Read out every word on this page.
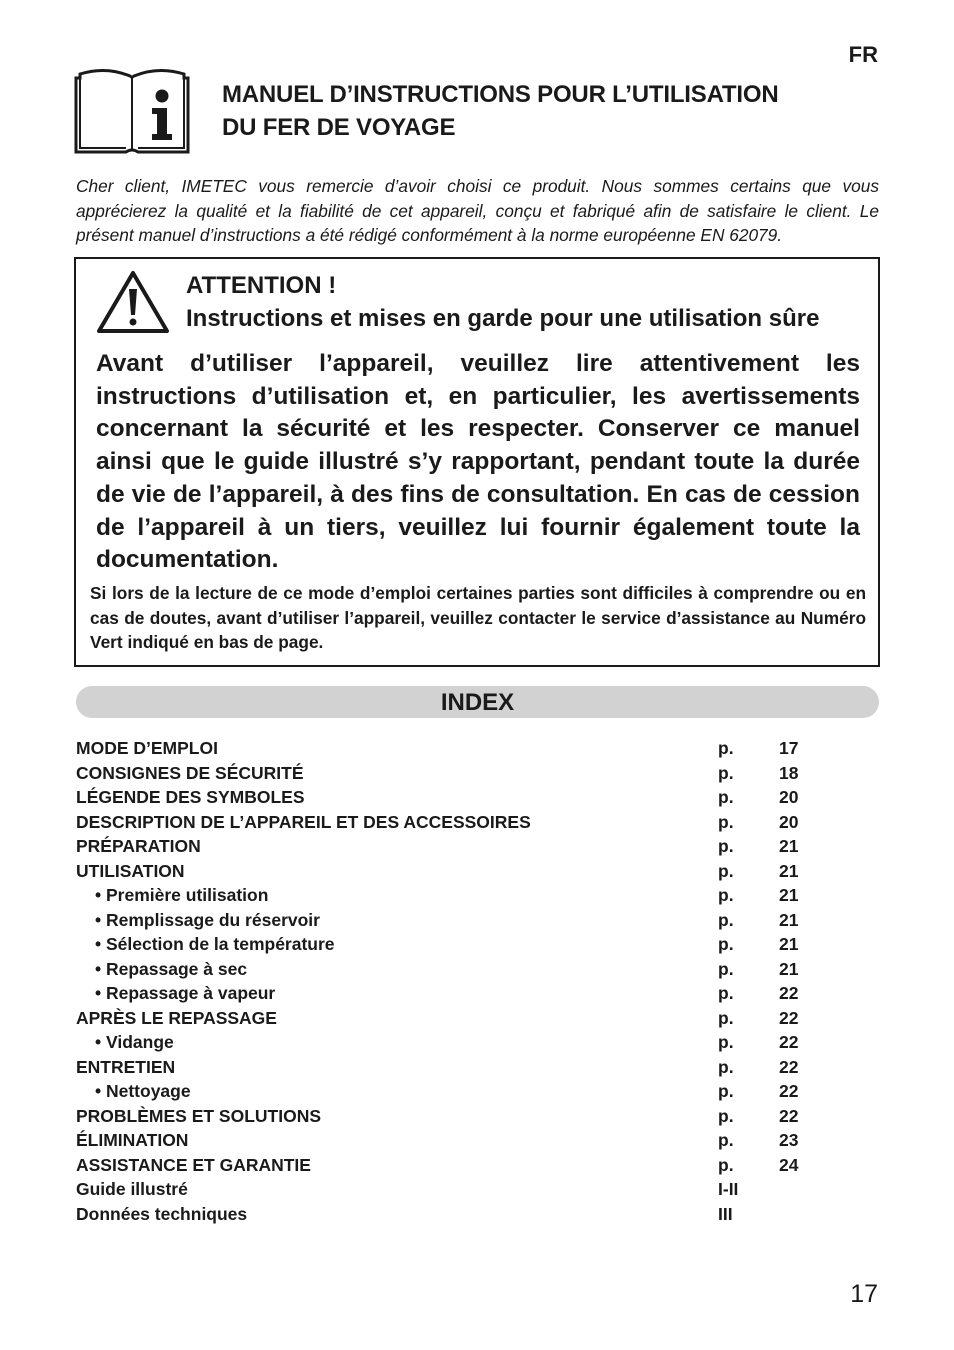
FR
MANUEL D’INSTRUCTIONS POUR L’UTILISATION
DU FER DE VOYAGE
Cher client, IMETEC vous remercie d’avoir choisi ce produit. Nous sommes certains que vous apprécierez la qualité et la fiabilité de cet appareil, conçu et fabriqué afin de satisfaire le client. Le présent manuel d’instructions a été rédigé conformément à la norme européenne EN 62079.
ATTENTION !
Instructions et mises en garde pour une utilisation sûre
Avant d’utiliser l’appareil, veuillez lire attentivement les instructions d’utilisation et, en particulier, les avertissements concernant la sécurité et les respecter. Conserver ce manuel ainsi que le guide illustré s’y rapportant, pendant toute la durée de vie de l’appareil, à des fins de consultation. En cas de cession de l’appareil à un tiers, veuillez lui fournir également toute la documentation.
Si lors de la lecture de ce mode d’emploi certaines parties sont difficiles à comprendre ou en cas de doutes, avant d’utiliser l’appareil, veuillez contacter le service d’assistance au Numéro Vert indiqué en bas de page.
INDEX
MODE D’EMPLOI	p.	17
CONSIGNES DE SÉCURITÉ	p.	18
LÉGENDE DES SYMBOLES	p.	20
DESCRIPTION DE L’APPAREIL ET DES ACCESSOIRES	p.	20
PRÉPARATION	p.	21
UTILISATION	p.	21
• Première utilisation	p.	21
• Remplissage du réservoir	p.	21
• Sélection de la température	p.	21
• Repassage à sec	p.	21
• Repassage à vapeur	p.	22
APRÈS LE REPASSAGE	p.	22
• Vidange	p.	22
ENTRETIEN	p.	22
• Nettoyage	p.	22
PROBLÈMES ET SOLUTIONS	p.	22
ÉLIMINATION	p.	23
ASSISTANCE ET GARANTIE	p.	24
Guide illustré	I-II
Données techniques	III
17
